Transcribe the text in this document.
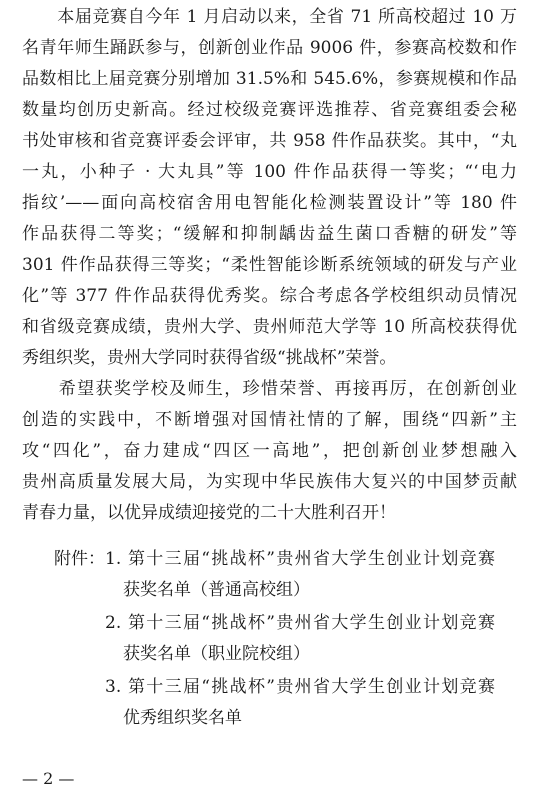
　　本届竞赛自今年 1 月启动以来，全省 71 所高校超过 10 万
名青年师生踊跃参与，创新创业作品 9006 件，参赛高校数和作
品数相比上届竞赛分别增加 31.5%和 545.6%，参赛规模和作品
数量均创历史新高。经过校级竞赛评选推荐、省竞赛组委会秘
书处审核和省竞赛评委会评审，共 958 件作品获奖。其中，“丸
一丸，小种子 · 大丸具”等 100 件作品获得一等奖；“‘电力
指纹’——面向高校宿舍用电智能化检测装置设计”等 180 件
作品获得二等奖；“缓解和抑制龋齿益生菌口香糖的研发”等
301 件作品获得三等奖；“柔性智能诊断系统领域的研发与产业
化”等 377 件作品获得优秀奖。综合考虑各学校组织动员情况
和省级竞赛成绩，贵州大学、贵州师范大学等 10 所高校获得优
秀组织奖，贵州大学同时获得省级“挑战杯”荣誉。
　　希望获奖学校及师生，珍惜荣誉、再接再厉，在创新创业
创造的实践中，不断增强对国情社情的了解，围绕“四新”主
攻“四化”，奋力建成“四区一高地”，把创新创业梦想融入
贵州高质量发展大局，为实现中华民族伟大复兴的中国梦贡献
青春力量，以优异成绩迎接党的二十大胜利召开！
附件： 1. 第十三届“挑战杯”贵州省大学生创业计划竞赛
获奖名单（普通高校组）
2. 第十三届“挑战杯”贵州省大学生创业计划竞赛
获奖名单（职业院校组）
3. 第十三届“挑战杯”贵州省大学生创业计划竞赛
优秀组织奖名单
— 2 —
